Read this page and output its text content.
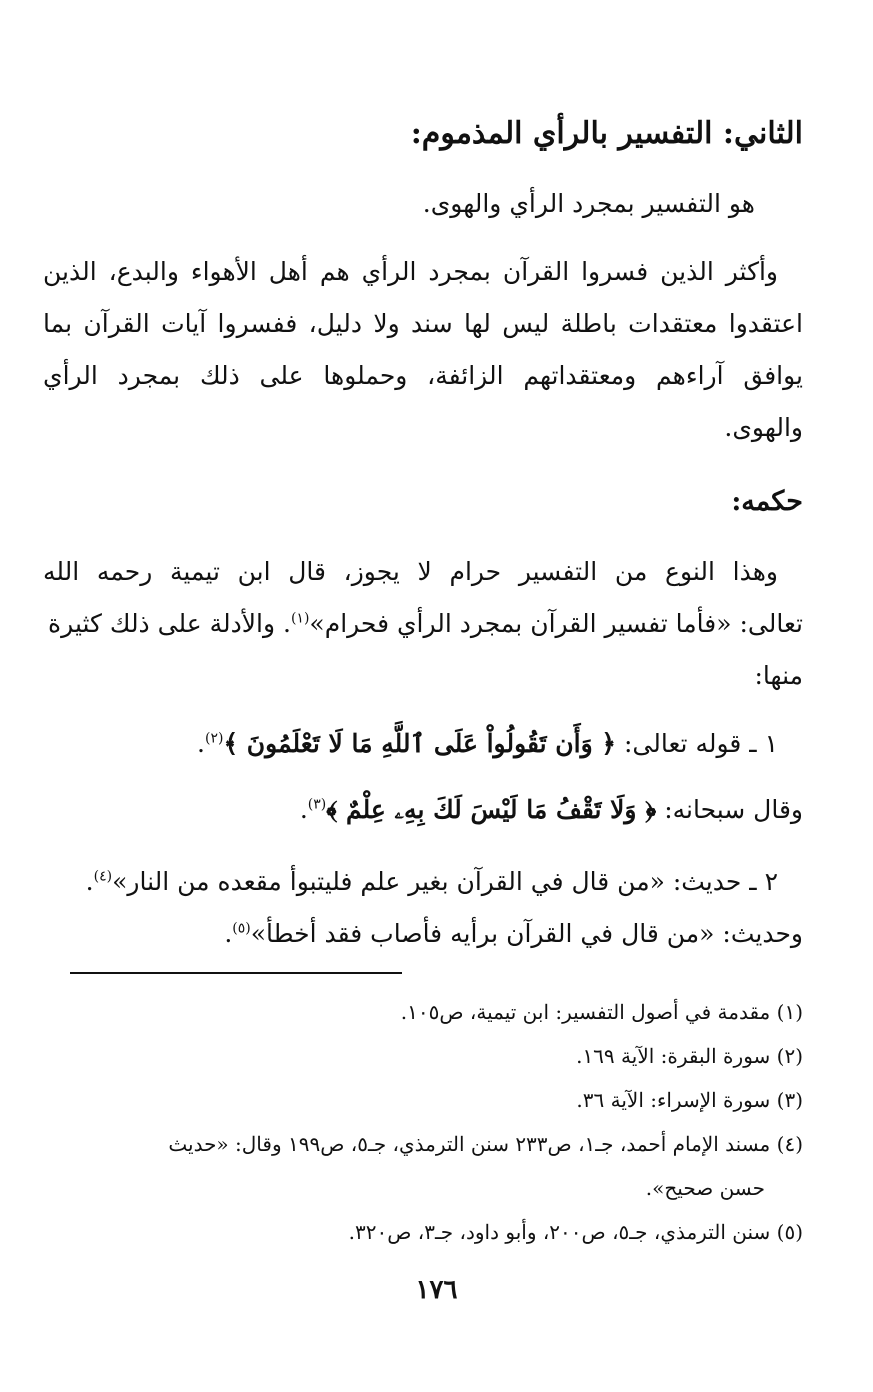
الثاني: التفسير بالرأي المذموم:
هو التفسير بمجرد الرأي والهوى.
وأكثر الذين فسروا القرآن بمجرد الرأي هم أهل الأهواء والبدع، الذين
اعتقدوا معتقدات باطلة ليس لها سند ولا دليل، ففسروا آيات القرآن بما
يوافق آراءهم ومعتقداتهم الزائفة، وحملوها على ذلك بمجرد الرأي
والهوى.
حكمه:
وهذا النوع من التفسير حرام لا يجوز، قال ابن تيمية رحمه الله
تعالى: «فأما تفسير القرآن بمجرد الرأي فحرام»$^{(١)}$. والأدلة على ذلك كثيرة
منها:
١ ـ قوله تعالى: ﴿ وَأَن تَقُولُواْ عَلَى ٱللَّهِ مَا لَا تَعْلَمُونَ ﴾$^{(٢)}$.
وقال سبحانه: ﴿ وَلَا تَقْفُ مَا لَيْسَ لَكَ بِهِۦ عِلْمٌ ﴾$^{(٣)}$.
٢ ـ حديث: «من قال في القرآن بغير علم فليتبوأ مقعده من النار»$^{(٤)}$.
وحديث: «من قال في القرآن برأيه فأصاب فقد أخطأ»$^{(٥)}$.
(١) مقدمة في أصول التفسير: ابن تيمية، ص١٠٥.
(٢) سورة البقرة: الآية ١٦٩.
(٣) سورة الإسراء: الآية ٣٦.
(٤) مسند الإمام أحمد، جـ١، ص٢٣٣ سنن الترمذي، جـ٥، ص١٩٩ وقال: «حديث
حسن صحيح».
(٥) سنن الترمذي، جـ٥، ص٢٠٠، وأبو داود، جـ٣، ص٣٢٠.
١٧٦
